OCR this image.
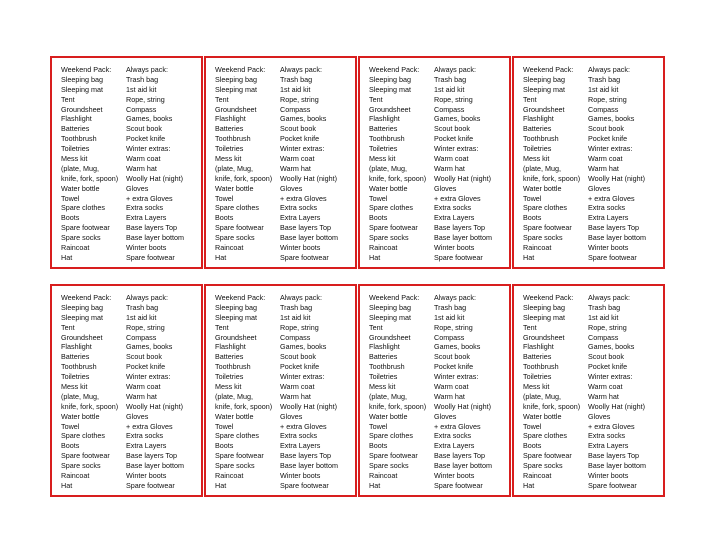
Weekend Pack:
Sleeping bag
Sleeping mat
Tent
Groundsheet
Flashlight
Batteries
Toothbrush
Toiletries
Mess kit
(plate, Mug,
knife, fork, spoon)
Water bottle
Towel
Spare clothes
Boots
Spare footwear
Spare socks
Raincoat
Hat
Always pack:
Trash bag
1st aid kit
Rope, string
Compass
Games, books
Scout book
Pocket knife
Winter extras:
Warm coat
Warm hat
Woolly Hat (night)
Gloves
+ extra Gloves
Extra socks
Extra Layers
Base layers Top
Base layer bottom
Winter boots
Spare footwear
Weekend Pack:
Sleeping bag
Sleeping mat
Tent
Groundsheet
Flashlight
Batteries
Toothbrush
Toiletries
Mess kit
(plate, Mug,
knife, fork, spoon)
Water bottle
Towel
Spare clothes
Boots
Spare footwear
Spare socks
Raincoat
Hat
Always pack:
Trash bag
1st aid kit
Rope, string
Compass
Games, books
Scout book
Pocket knife
Winter extras:
Warm coat
Warm hat
Woolly Hat (night)
Gloves
+ extra Gloves
Extra socks
Extra Layers
Base layers Top
Base layer bottom
Winter boots
Spare footwear
Weekend Pack:
Sleeping bag
Sleeping mat
Tent
Groundsheet
Flashlight
Batteries
Toothbrush
Toiletries
Mess kit
(plate, Mug,
knife, fork, spoon)
Water bottle
Towel
Spare clothes
Boots
Spare footwear
Spare socks
Raincoat
Hat
Always pack:
Trash bag
1st aid kit
Rope, string
Compass
Games, books
Scout book
Pocket knife
Winter extras:
Warm coat
Warm hat
Woolly Hat (night)
Gloves
+ extra Gloves
Extra socks
Extra Layers
Base layers Top
Base layer bottom
Winter boots
Spare footwear
Weekend Pack:
Sleeping bag
Sleeping mat
Tent
Groundsheet
Flashlight
Batteries
Toothbrush
Toiletries
Mess kit
(plate, Mug,
knife, fork, spoon)
Water bottle
Towel
Spare clothes
Boots
Spare footwear
Spare socks
Raincoat
Hat
Always pack:
Trash bag
1st aid kit
Rope, string
Compass
Games, books
Scout book
Pocket knife
Winter extras:
Warm coat
Warm hat
Woolly Hat (night)
Gloves
+ extra Gloves
Extra socks
Extra Layers
Base layers Top
Base layer bottom
Winter boots
Spare footwear
Weekend Pack:
Sleeping bag
Sleeping mat
Tent
Groundsheet
Flashlight
Batteries
Toothbrush
Toiletries
Mess kit
(plate, Mug,
knife, fork, spoon)
Water bottle
Towel
Spare clothes
Boots
Spare footwear
Spare socks
Raincoat
Hat
Always pack:
Trash bag
1st aid kit
Rope, string
Compass
Games, books
Scout book
Pocket knife
Winter extras:
Warm coat
Warm hat
Woolly Hat (night)
Gloves
+ extra Gloves
Extra socks
Extra Layers
Base layers Top
Base layer bottom
Winter boots
Spare footwear
Weekend Pack:
Sleeping bag
Sleeping mat
Tent
Groundsheet
Flashlight
Batteries
Toothbrush
Toiletries
Mess kit
(plate, Mug,
knife, fork, spoon)
Water bottle
Towel
Spare clothes
Boots
Spare footwear
Spare socks
Raincoat
Hat
Always pack:
Trash bag
1st aid kit
Rope, string
Compass
Games, books
Scout book
Pocket knife
Winter extras:
Warm coat
Warm hat
Woolly Hat (night)
Gloves
+ extra Gloves
Extra socks
Extra Layers
Base layers Top
Base layer bottom
Winter boots
Spare footwear
Weekend Pack:
Sleeping bag
Sleeping mat
Tent
Groundsheet
Flashlight
Batteries
Toothbrush
Toiletries
Mess kit
(plate, Mug,
knife, fork, spoon)
Water bottle
Towel
Spare clothes
Boots
Spare footwear
Spare socks
Raincoat
Hat
Always pack:
Trash bag
1st aid kit
Rope, string
Compass
Games, books
Scout book
Pocket knife
Winter extras:
Warm coat
Warm hat
Woolly Hat (night)
Gloves
+ extra Gloves
Extra socks
Extra Layers
Base layers Top
Base layer bottom
Winter boots
Spare footwear
Weekend Pack:
Sleeping bag
Sleeping mat
Tent
Groundsheet
Flashlight
Batteries
Toothbrush
Toiletries
Mess kit
(plate, Mug,
knife, fork, spoon)
Water bottle
Towel
Spare clothes
Boots
Spare footwear
Spare socks
Raincoat
Hat
Always pack:
Trash bag
1st aid kit
Rope, string
Compass
Games, books
Scout book
Pocket knife
Winter extras:
Warm coat
Warm hat
Woolly Hat (night)
Gloves
+ extra Gloves
Extra socks
Extra Layers
Base layers Top
Base layer bottom
Winter boots
Spare footwear
